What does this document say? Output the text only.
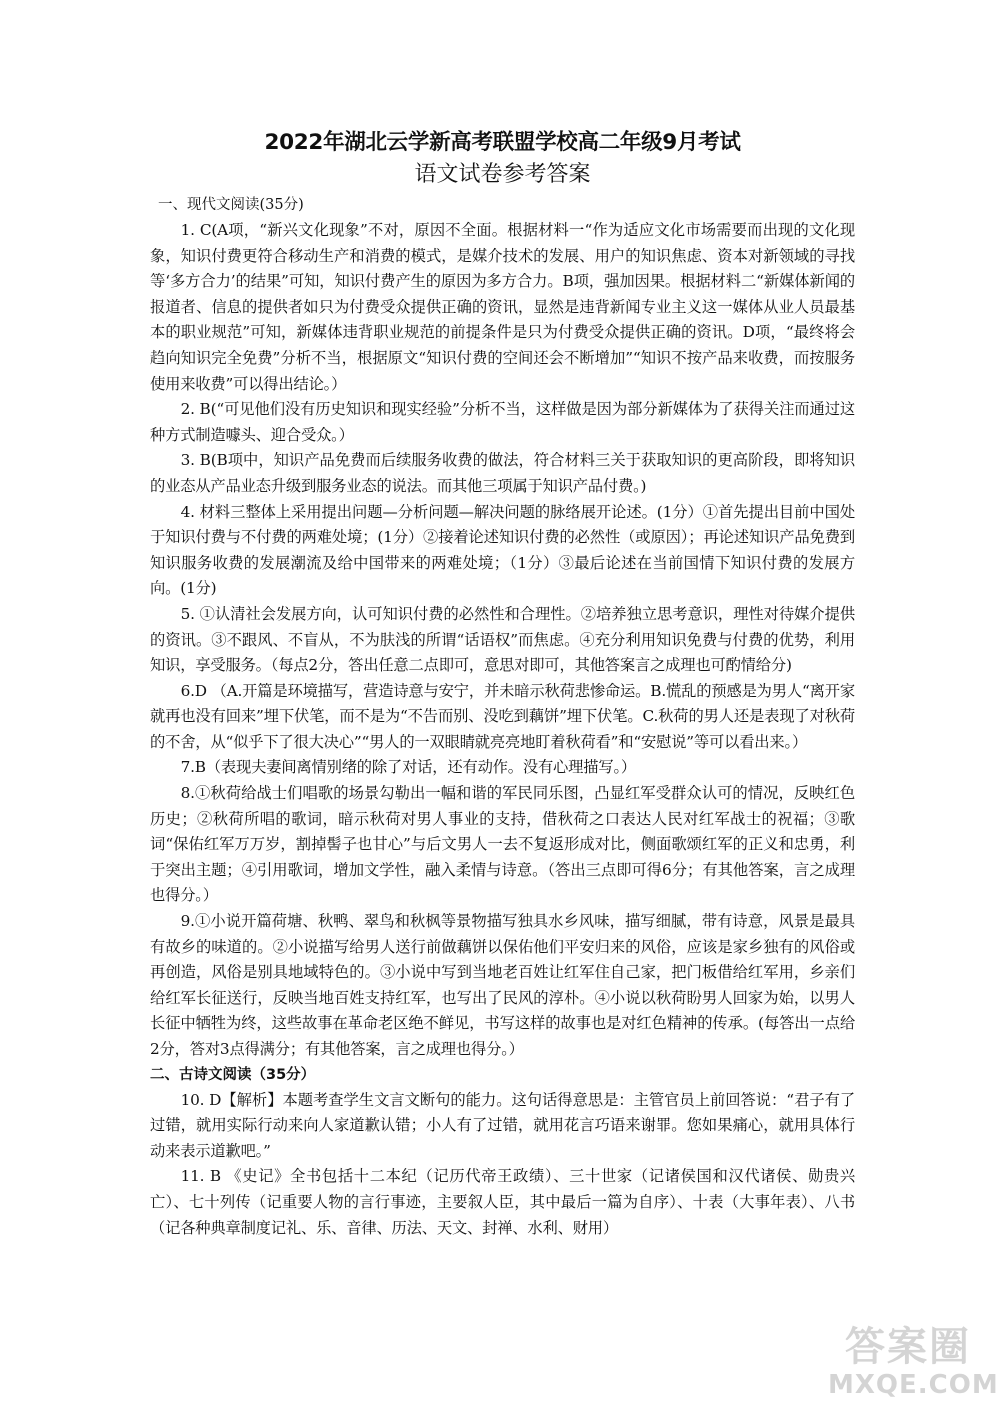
2022年湖北云学新高考联盟学校高二年级9月考试
语文试卷参考答案

一、现代文阅读(35分)

1. C(A项，“新兴文化现象”不对，原因不全面。根据材料一“作为适应文化市场需要而出现的文化现象，知识付费更符合移动生产和消费的模式，是媒介技术的发展、用户的知识焦虑、资本对新领域的寻找等‘多方合力’的结果”可知，知识付费产生的原因为多方合力。B项，强加因果。根据材料二“新媒体新闻的报道者、信息的提供者如只为付费受众提供正确的资讯，显然是违背新闻专业主义这一媒体从业人员最基本的职业规范”可知，新媒体违背职业规范的前提条件是只为付费受众提供正确的资讯。D项，“最终将会趋向知识完全免费”分析不当，根据原文“知识付费的空间还会不断增加”“知识不按产品来收费，而按服务使用来收费”可以得出结论。）

2. B(“可见他们没有历史知识和现实经验”分析不当，这样做是因为部分新媒体为了获得关注而通过这种方式制造噱头、迎合受众。）

3. B(B项中，知识产品免费而后续服务收费的做法，符合材料三关于获取知识的更高阶段，即将知识的业态从产品业态升级到服务业态的说法。而其他三项属于知识产品付费。)

4. 材料三整体上采用提出问题—分析问题—解决问题的脉络展开论述。(1分）①首先提出目前中国处于知识付费与不付费的两难处境；(1分）②接着论述知识付费的必然性（或原因）；再论述知识产品免费到知识服务收费的发展潮流及给中国带来的两难处境；（1分）③最后论述在当前国情下知识付费的发展方向。(1分)

5. ①认清社会发展方向，认可知识付费的必然性和合理性。②培养独立思考意识，理性对待媒介提供的资讯。③不跟风、不盲从，不为肤浅的所谓“话语权”而焦虑。④充分利用知识免费与付费的优势，利用知识，享受服务。（每点2分，答出任意二点即可，意思对即可，其他答案言之成理也可酌情给分)

6.D （A.开篇是环境描写，营造诗意与安宁，并未暗示秋荷悲惨命运。B.慌乱的预感是为男人“离开家就再也没有回来”埋下伏笔，而不是为“不告而别、没吃到藕饼”埋下伏笔。C.秋荷的男人还是表现了对秋荷的不舍，从“似乎下了很大决心”“男人的一双眼睛就亮亮地盯着秋荷看”和“安慰说”等可以看出来。）

7.B（表现夫妻间离情别绪的除了对话，还有动作。没有心理描写。）

8.①秋荷给战士们唱歌的场景勾勒出一幅和谐的军民同乐图，凸显红军受群众认可的情况，反映红色历史；②秋荷所唱的歌词，暗示秋荷对男人事业的支持，借秋荷之口表达人民对红军战士的祝福；③歌词“保佑红军万万岁，割掉髻子也甘心”与后文男人一去不复返形成对比，侧面歌颂红军的正义和忠勇，利于突出主题；④引用歌词，增加文学性，融入柔情与诗意。（答出三点即可得6分；有其他答案，言之成理也得分。）

9.①小说开篇荷塘、秋鸭、翠鸟和秋枫等景物描写独具水乡风味，描写细腻，带有诗意，风景是最具有故乡的味道的。②小说描写给男人送行前做藕饼以保佑他们平安归来的风俗，应该是家乡独有的风俗或再创造，风俗是别具地域特色的。③小说中写到当地老百姓让红军住自己家，把门板借给红军用，乡亲们给红军长征送行，反映当地百姓支持红军，也写出了民风的淳朴。④小说以秋荷盼男人回家为始，以男人长征中牺牲为终，这些故事在革命老区绝不鲜见，书写这样的故事也是对红色精神的传承。(每答出一点给2分，答对3点得满分；有其他答案，言之成理也得分。）

二、古诗文阅读（35分）

10. D【解析】本题考查学生文言文断句的能力。这句话得意思是：主管官员上前回答说：“君子有了过错，就用实际行动来向人家道歉认错；小人有了过错，就用花言巧语来谢罪。您如果痛心，就用具体行动来表示道歉吧。”

11. B 《史记》全书包括十二本纪（记历代帝王政绩）、三十世家（记诸侯国和汉代诸侯、勋贵兴亡）、七十列传（记重要人物的言行事迹，主要叙人臣，其中最后一篇为自序）、十表（大事年表）、八书（记各种典章制度记礼、乐、音律、历法、天文、封禅、水利、财用）

答案圈
MXQE.COM
